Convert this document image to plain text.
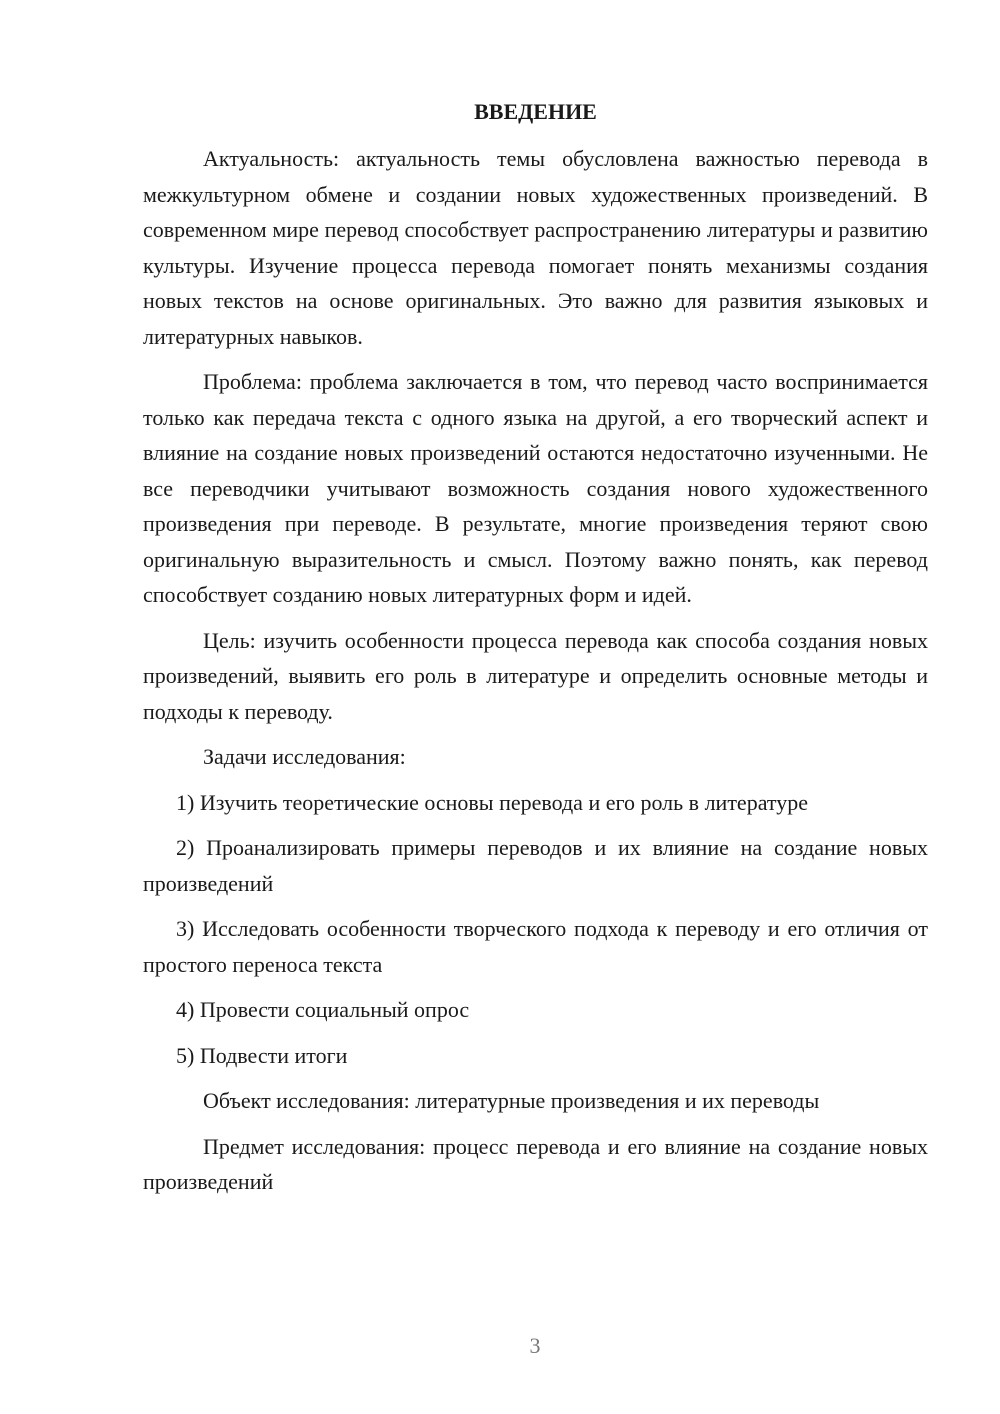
ВВЕДЕНИЕ

Актуальность: актуальность темы обусловлена важностью перевода в межкультурном обмене и создании новых художественных произведений. В современном мире перевод способствует распространению литературы и развитию культуры. Изучение процесса перевода помогает понять механизмы создания новых текстов на основе оригинальных. Это важно для развития языковых и литературных навыков.

Проблема: проблема заключается в том, что перевод часто воспринимается только как передача текста с одного языка на другой, а его творческий аспект и влияние на создание новых произведений остаются недостаточно изученными. Не все переводчики учитывают возможность создания нового художественного произведения при переводе. В результате, многие произведения теряют свою оригинальную выразительность и смысл. Поэтому важно понять, как перевод способствует созданию новых литературных форм и идей.

Цель: изучить особенности процесса перевода как способа создания новых произведений, выявить его роль в литературе и определить основные методы и подходы к переводу.

Задачи исследования:

1) Изучить теоретические основы перевода и его роль в литературе

2) Проанализировать примеры переводов и их влияние на создание новых произведений

3) Исследовать особенности творческого подхода к переводу и его отличия от простого переноса текста

4) Провести социальный опрос

5) Подвести итоги

Объект исследования: литературные произведения и их переводы

Предмет исследования: процесс перевода и его влияние на создание новых произведений

3
